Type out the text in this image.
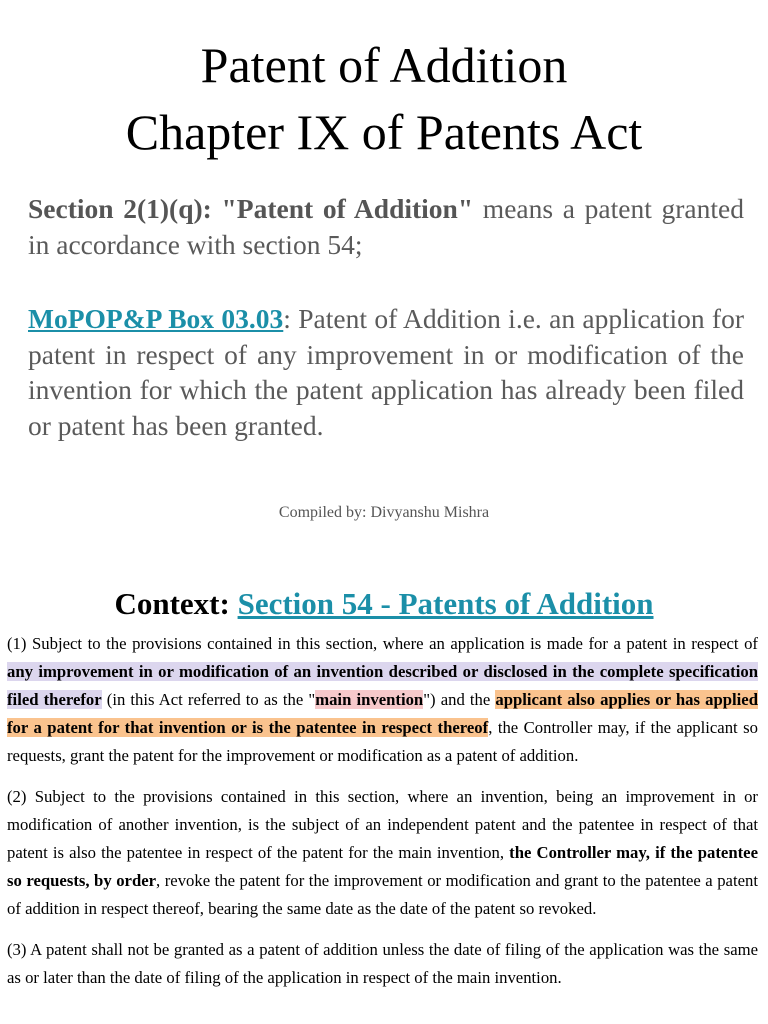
Patent of Addition
Chapter IX of Patents Act
Section 2(1)(q): "Patent of Addition" means a patent granted in accordance with section 54;
MoPOP&P Box 03.03: Patent of Addition i.e. an application for patent in respect of any improvement in or modification of the invention for which the patent application has already been filed or patent has been granted.
Compiled by: Divyanshu Mishra

Context: Section 54 - Patents of Addition

(1) Subject to the provisions contained in this section, where an application is made for a patent in respect of any improvement in or modification of an invention described or disclosed in the complete specification filed therefor (in this Act referred to as the "main invention") and the applicant also applies or has applied for a patent for that invention or is the patentee in respect thereof, the Controller may, if the applicant so requests, grant the patent for the improvement or modification as a patent of addition.

(2) Subject to the provisions contained in this section, where an invention, being an improvement in or modification of another invention, is the subject of an independent patent and the patentee in respect of that patent is also the patentee in respect of the patent for the main invention, the Controller may, if the patentee so requests, by order, revoke the patent for the improvement or modification and grant to the patentee a patent of addition in respect thereof, bearing the same date as the date of the patent so revoked.

(3) A patent shall not be granted as a patent of addition unless the date of filing of the application was the same as or later than the date of filing of the application in respect of the main invention.
